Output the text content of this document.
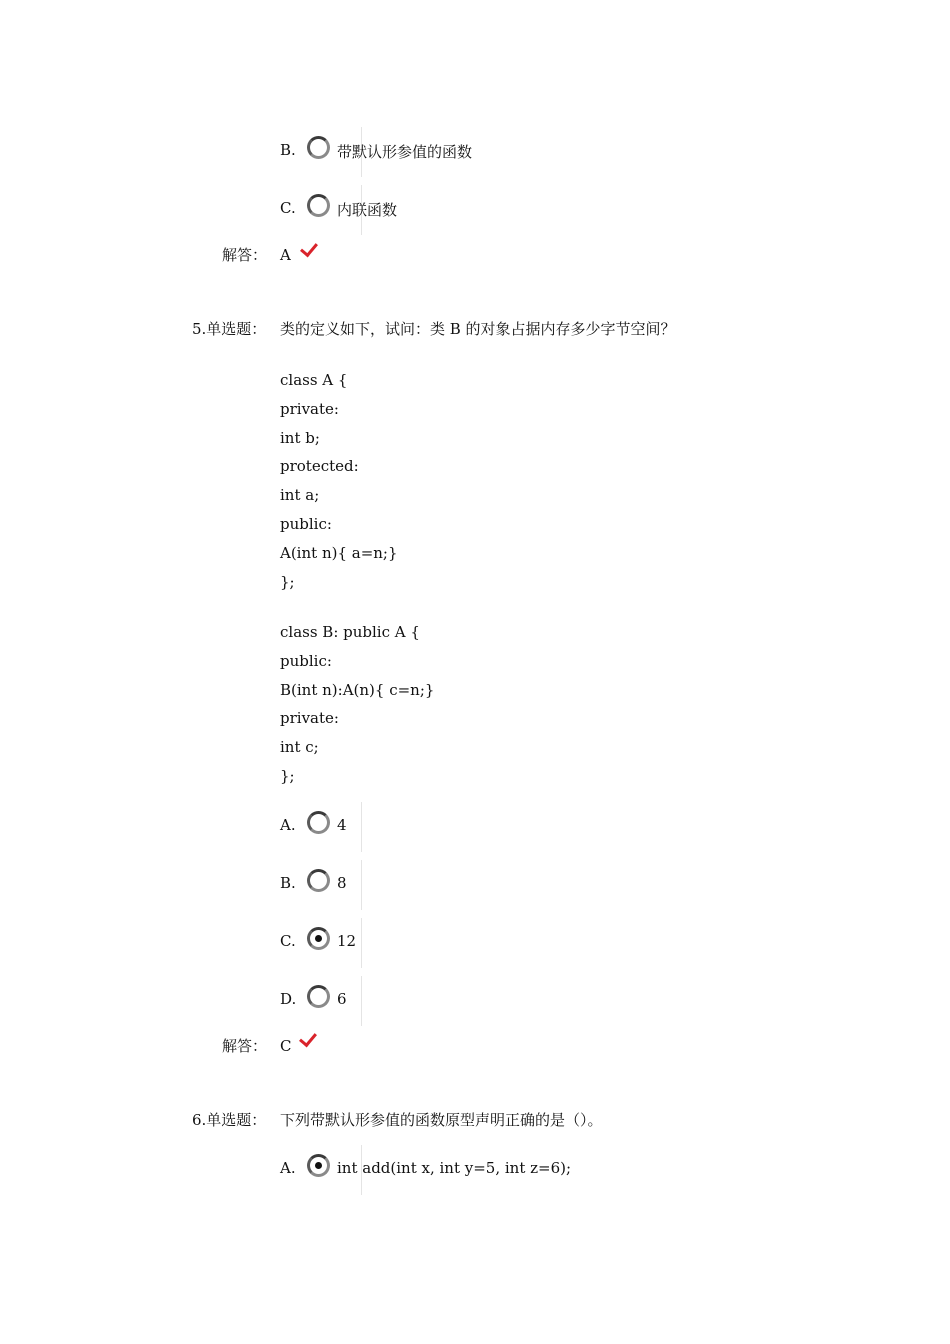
B.	带默认形参值的函数
C.	内联函数
解答： A
5.单选题： 类的定义如下，试问：类 B 的对象占据内存多少字节空间？
class A {
private:
int b;
protected:
int a;
public:
A(int n){ a=n;}
};
class B: public A {
public:
B(int n):A(n){ c=n;}
private:
int c;
};
A.	4
B.	8
C.	12
D.	6
解答： C
6.单选题： 下列带默认形参值的函数原型声明正确的是（）。
A.	int add(int x, int y=5, int z=6);
